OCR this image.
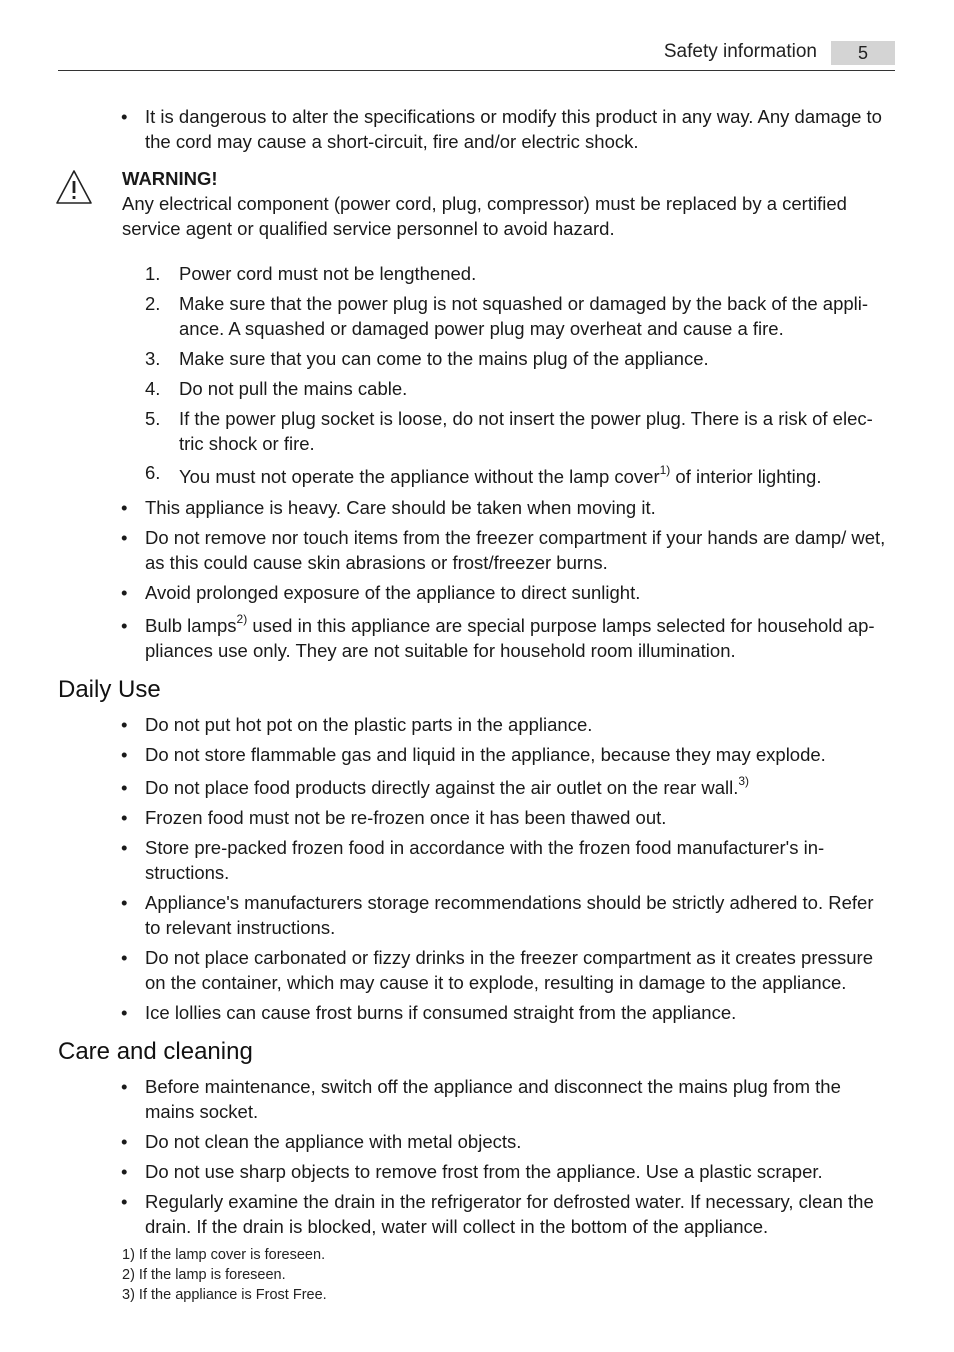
Safety information	5
• It is dangerous to alter the specifications or modify this product in any way. Any damage to the cord may cause a short-circuit, fire and/or electric shock.
WARNING!
Any electrical component (power cord, plug, compressor) must be replaced by a certified service agent or qualified service personnel to avoid hazard.
1. Power cord must not be lengthened.
2. Make sure that the power plug is not squashed or damaged by the back of the appli-ance. A squashed or damaged power plug may overheat and cause a fire.
3. Make sure that you can come to the mains plug of the appliance.
4. Do not pull the mains cable.
5. If the power plug socket is loose, do not insert the power plug. There is a risk of elec-tric shock or fire.
6. You must not operate the appliance without the lamp cover$^{1)}$ of interior lighting.
• This appliance is heavy. Care should be taken when moving it.
• Do not remove nor touch items from the freezer compartment if your hands are damp/ wet, as this could cause skin abrasions or frost/freezer burns.
• Avoid prolonged exposure of the appliance to direct sunlight.
• Bulb lamps$^{2)}$ used in this appliance are special purpose lamps selected for household ap-pliances use only. They are not suitable for household room illumination.
Daily Use
• Do not put hot pot on the plastic parts in the appliance.
• Do not store flammable gas and liquid in the appliance, because they may explode.
• Do not place food products directly against the air outlet on the rear wall.$^{3)}$
• Frozen food must not be re-frozen once it has been thawed out.
• Store pre-packed frozen food in accordance with the frozen food manufacturer's in-structions.
• Appliance's manufacturers storage recommendations should be strictly adhered to. Refer to relevant instructions.
• Do not place carbonated or fizzy drinks in the freezer compartment as it creates pressure on the container, which may cause it to explode, resulting in damage to the appliance.
• Ice lollies can cause frost burns if consumed straight from the appliance.
Care and cleaning
• Before maintenance, switch off the appliance and disconnect the mains plug from the mains socket.
• Do not clean the appliance with metal objects.
• Do not use sharp objects to remove frost from the appliance. Use a plastic scraper.
• Regularly examine the drain in the refrigerator for defrosted water. If necessary, clean the drain. If the drain is blocked, water will collect in the bottom of the appliance.
1) If the lamp cover is foreseen.
2) If the lamp is foreseen.
3) If the appliance is Frost Free.
